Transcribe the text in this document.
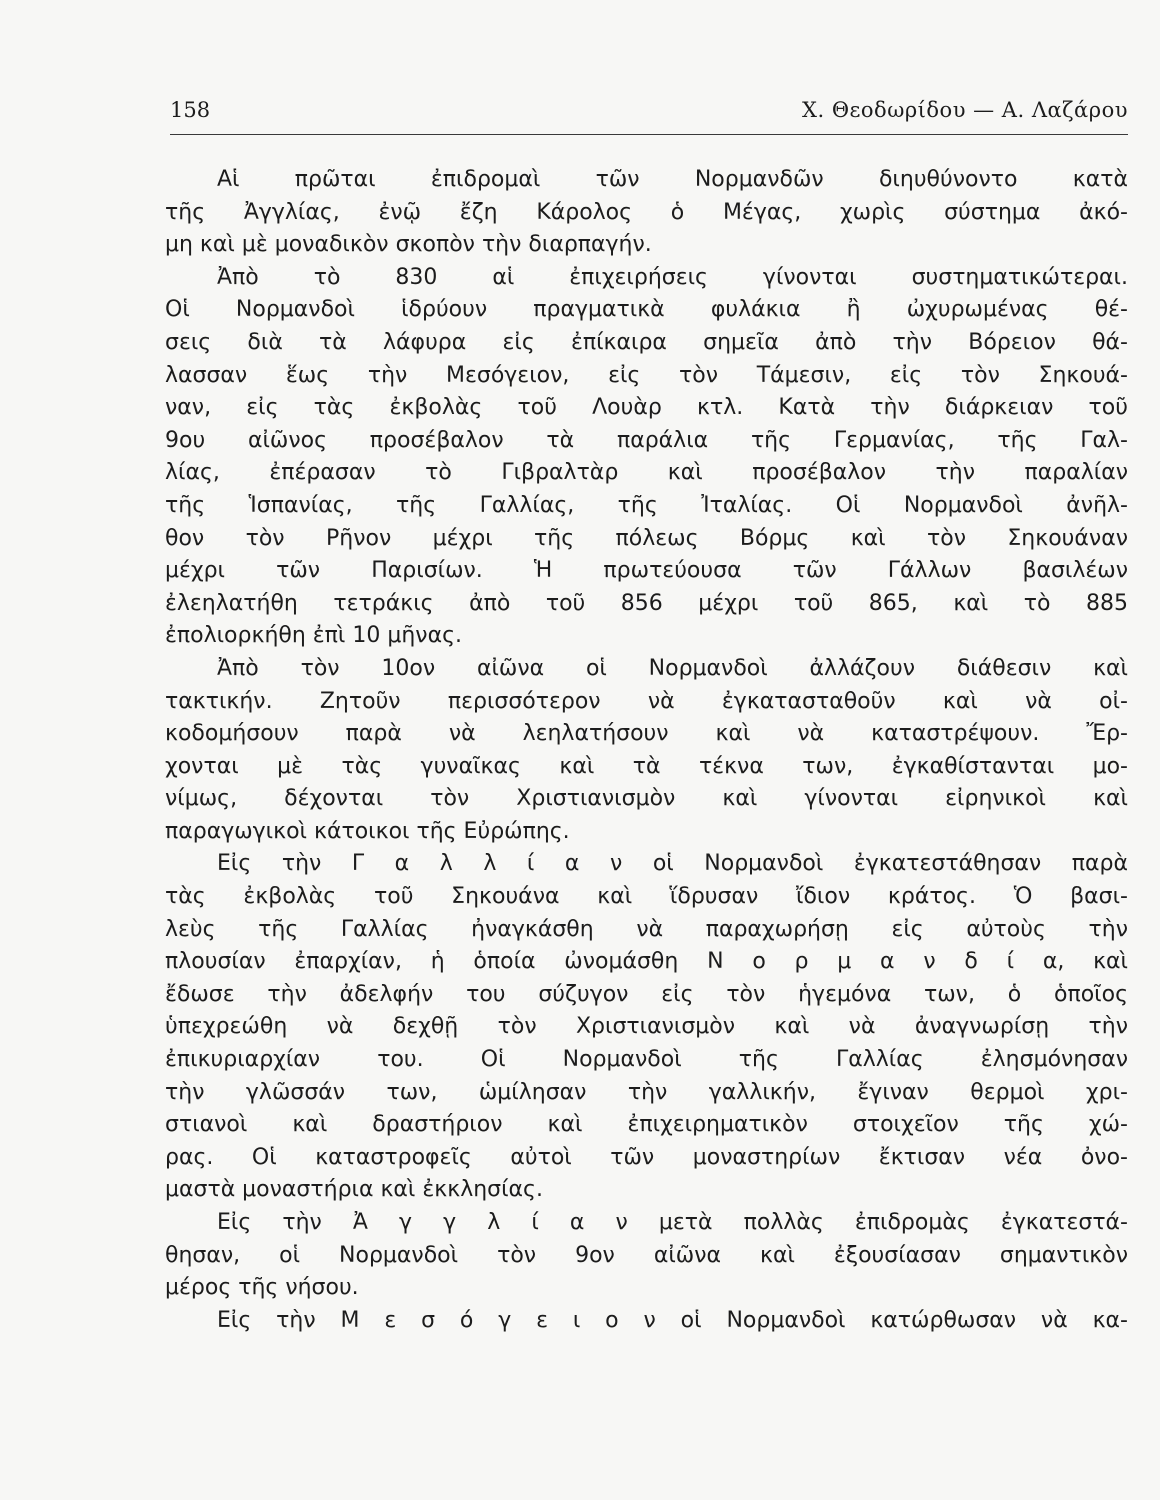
158	Χ. Θεοδωρίδου — Α. Λαζάρου
Αἱ πρῶται ἐπιδρομαὶ τῶν Νορμανδῶν διηυθύνοντο κατὰ
τῆς Ἀγγλίας, ἐνῷ ἔζη Κάρολος ὁ Μέγας, χωρὶς σύστημα ἀκό-
μη καὶ μὲ μοναδικὸν σκοπὸν τὴν διαρπαγήν.
Ἀπὸ τὸ 830 αἱ ἐπιχειρήσεις γίνονται συστηματικώτεραι.
Οἱ Νορμανδοὶ ἱδρύουν πραγματικὰ φυλάκια ἢ ὠχυρωμένας θέ-
σεις διὰ τὰ λάφυρα εἰς ἐπίκαιρα σημεῖα ἀπὸ τὴν Βόρειον θά-
λασσαν ἕως τὴν Μεσόγειον, εἰς τὸν Τάμεσιν, εἰς τὸν Σηκουά-
ναν, εἰς τὰς ἐκβολὰς τοῦ Λουὰρ κτλ. Κατὰ τὴν διάρκειαν τοῦ
9ου αἰῶνος προσέβαλον τὰ παράλια τῆς Γερμανίας, τῆς Γαλ-
λίας, ἐπέρασαν τὸ Γιβραλτὰρ καὶ προσέβαλον τὴν παραλίαν
τῆς Ἱσπανίας, τῆς Γαλλίας, τῆς Ἰταλίας. Οἱ Νορμανδοὶ ἀνῆλ-
θον τὸν Ρῆνον μέχρι τῆς πόλεως Βόρμς καὶ τὸν Σηκουάναν
μέχρι τῶν Παρισίων. Ἡ πρωτεύουσα τῶν Γάλλων βασιλέων
ἐλεηλατήθη τετράκις ἀπὸ τοῦ 856 μέχρι τοῦ 865, καὶ τὸ 885
ἐπολιορκήθη ἐπὶ 10 μῆνας.
Ἀπὸ τὸν 10ον αἰῶνα οἱ Νορμανδοὶ ἀλλάζουν διάθεσιν καὶ
τακτικήν. Ζητοῦν περισσότερον νὰ ἐγκατασταθοῦν καὶ νὰ οἰ-
κοδομήσουν παρὰ νὰ λεηλατήσουν καὶ νὰ καταστρέψουν. Ἔρ-
χονται μὲ τὰς γυναῖκας καὶ τὰ τέκνα των, ἐγκαθίστανται μο-
νίμως, δέχονται τὸν Χριστιανισμὸν καὶ γίνονται εἰρηνικοὶ καὶ
παραγωγικοὶ κάτοικοι τῆς Εὐρώπης.
Εἰς τὴν Γ α λ λ ί α ν οἱ Νορμανδοὶ ἐγκατεστάθησαν παρὰ
τὰς ἐκβολὰς τοῦ Σηκουάνα καὶ ἵδρυσαν ἴδιον κράτος. Ὁ βασι-
λεὺς τῆς Γαλλίας ἠναγκάσθη νὰ παραχωρήσῃ εἰς αὐτοὺς τὴν
πλουσίαν ἐπαρχίαν, ἡ ὁποία ὠνομάσθη Ν ο ρ μ α ν δ ί α, καὶ
ἔδωσε τὴν ἀδελφήν του σύζυγον εἰς τὸν ἡγεμόνα των, ὁ ὁποῖος
ὑπεχρεώθη νὰ δεχθῇ τὸν Χριστιανισμὸν καὶ νὰ ἀναγνωρίσῃ τὴν
ἐπικυριαρχίαν του. Οἱ Νορμανδοὶ τῆς Γαλλίας ἐλησμόνησαν
τὴν γλῶσσάν των, ὡμίλησαν τὴν γαλλικήν, ἔγιναν θερμοὶ χρι-
στιανοὶ καὶ δραστήριον καὶ ἐπιχειρηματικὸν στοιχεῖον τῆς χώ-
ρας. Οἱ καταστροφεῖς αὐτοὶ τῶν μοναστηρίων ἔκτισαν νέα ὀνο-
μαστὰ μοναστήρια καὶ ἐκκλησίας.
Εἰς τὴν Ἀ γ γ λ ί α ν μετὰ πολλὰς ἐπιδρομὰς ἐγκατεστά-
θησαν, οἱ Νορμανδοὶ τὸν 9ον αἰῶνα καὶ ἐξουσίασαν σημαντικὸν
μέρος τῆς νήσου.
Εἰς τὴν Μ ε σ ό γ ε ι ο ν οἱ Νορμανδοὶ κατώρθωσαν νὰ κα-
